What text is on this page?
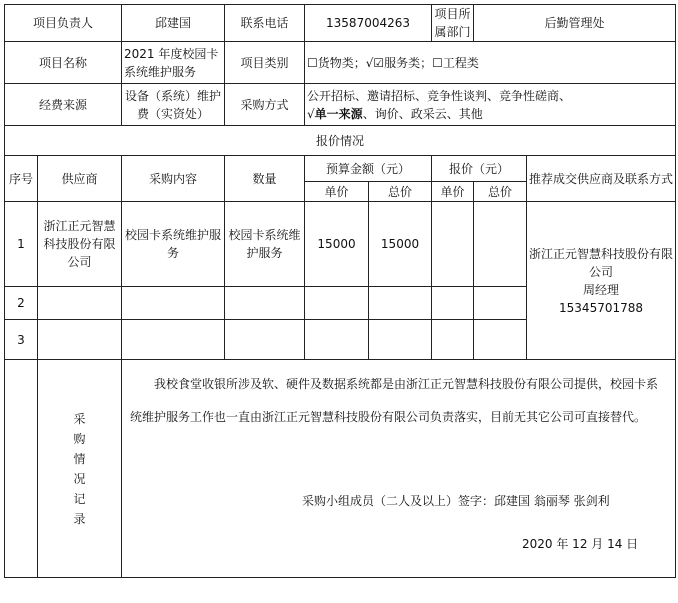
项目负责人		邱建国	联系电话	13587004263		项目所属部门	后勤管理处	
项目名称		2021 年度校园卡系统维护服务	项目类别	☐货物类；√☑服务类；☐工程类				
经费来源		设备（系统）维护费（实资处）	采购方式	公开招标、邀请招标、竞争性谈判、竞争性磋商、
√单一来源、询价、政采云、其他				

报价情况								
序号	供应商	采购内容	数量	预算金额（元）		报价（元）		推荐成交供应商及联系方式
				单价	总价	单价	总价	
1	浙江正元智慧科技股份有限公司	校园卡系统维护服务	校园卡系统维护服务	15000	15000			浙江正元智慧科技股份有限公司
周经理
15345701788

2								
3								

	采购情况记录	我校食堂收银所涉及软、硬件及数据系统都是由浙江正元智慧科技股份有限公司提供，校园卡系统维护服务工作也一直由浙江正元智慧科技股份有限公司负责落实，目前无其它公司可直接替代。
采购小组成员（二人及以上）签字：邱建国 翁丽琴 张剑利
2020 年 12 月 14 日						
